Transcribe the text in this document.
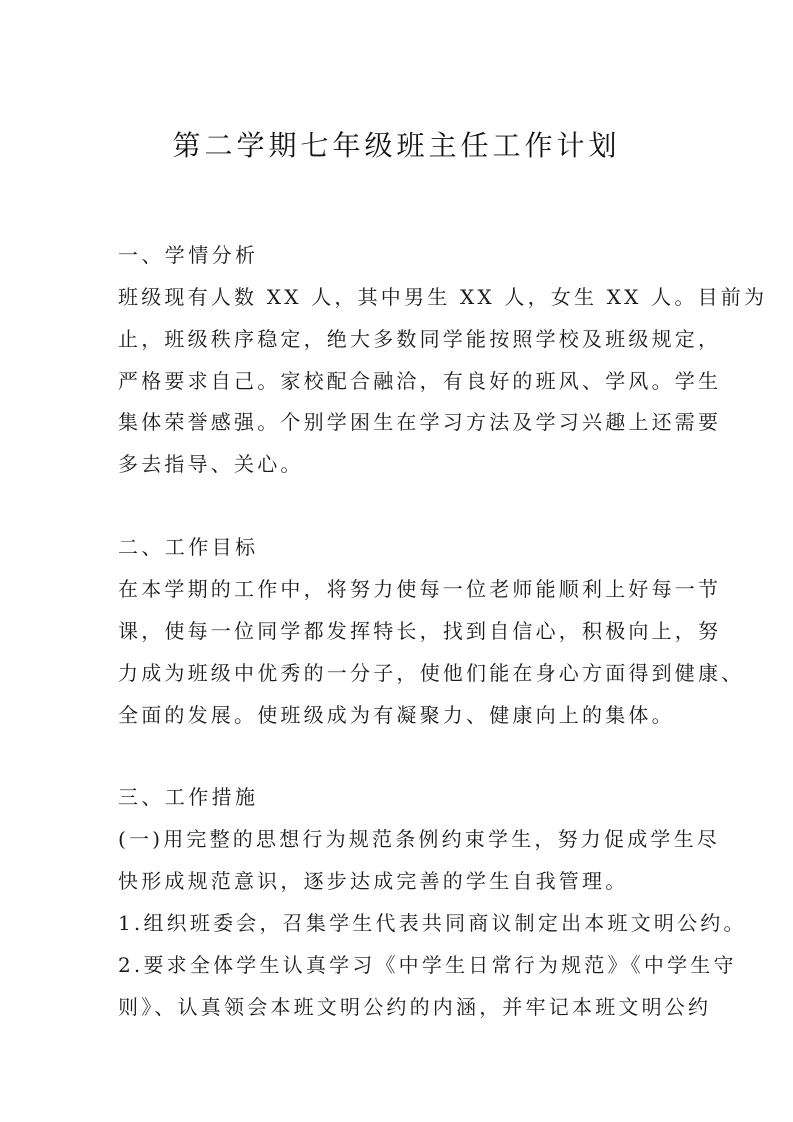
第二学期七年级班主任工作计划
一、学情分析
班级现有人数 XX 人，其中男生 XX 人，女生 XX 人。目前为
止，班级秩序稳定，绝大多数同学能按照学校及班级规定，
严格要求自己。家校配合融洽，有良好的班风、学风。学生
集体荣誉感强。个别学困生在学习方法及学习兴趣上还需要
多去指导、关心。
二、工作目标
在本学期的工作中，将努力使每一位老师能顺利上好每一节
课，使每一位同学都发挥特长，找到自信心，积极向上，努
力成为班级中优秀的一分子，使他们能在身心方面得到健康、
全面的发展。使班级成为有凝聚力、健康向上的集体。
三、工作措施
(一)用完整的思想行为规范条例约束学生，努力促成学生尽
快形成规范意识，逐步达成完善的学生自我管理。
1.组织班委会，召集学生代表共同商议制定出本班文明公约。
2.要求全体学生认真学习《中学生日常行为规范》《中学生守
则》、认真领会本班文明公约的内涵，并牢记本班文明公约
